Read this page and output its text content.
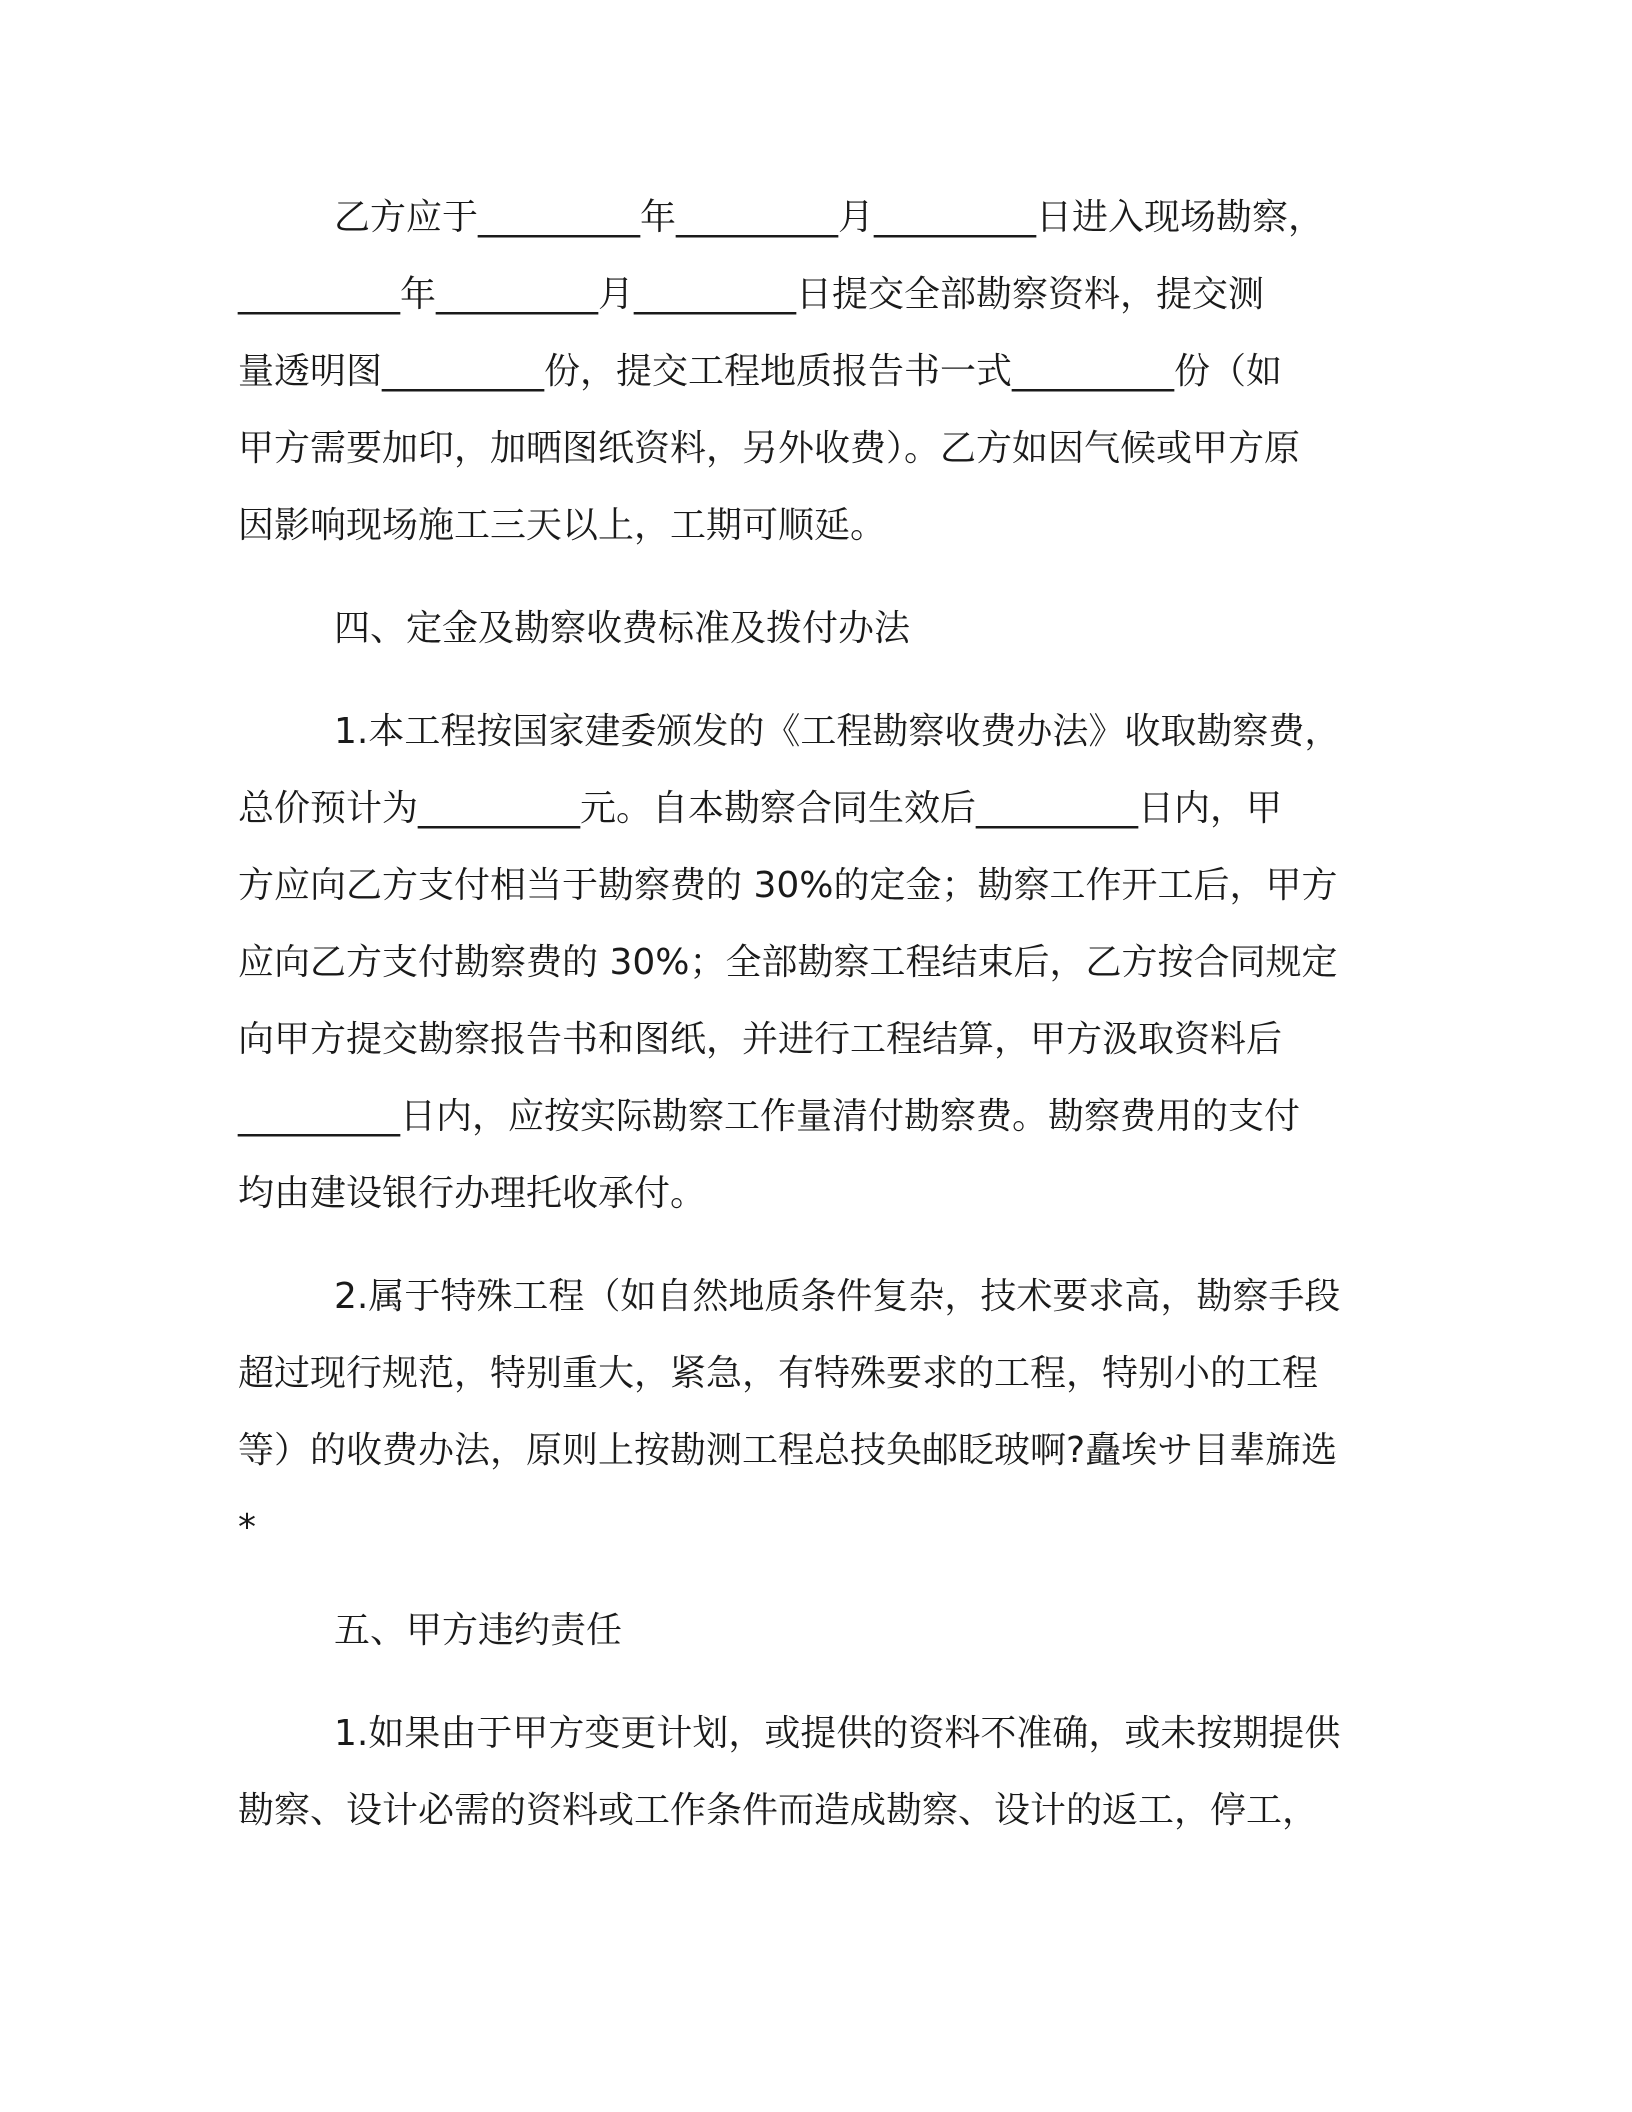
乙方应于_________年_________月_________日进入现场勘察，
_________年_________月_________日提交全部勘察资料，提交测
量透明图_________份，提交工程地质报告书一式_________份（如
甲方需要加印，加晒图纸资料，另外收费）。乙方如因气候或甲方原
因影响现场施工三天以上，工期可顺延。
四、定金及勘察收费标准及拨付办法
1.本工程按国家建委颁发的《工程勘察收费办法》收取勘察费，
总价预计为_________元。自本勘察合同生效后_________日内，甲
方应向乙方支付相当于勘察费的 30%的定金；勘察工作开工后，甲方
应向乙方支付勘察费的 30%；全部勘察工程结束后，乙方按合同规定
向甲方提交勘察报告书和图纸，并进行工程结算，甲方汲取资料后
_________日内，应按实际勘察工作量清付勘察费。勘察费用的支付
均由建设银行办理托收承付。
2.属于特殊工程（如自然地质条件复杂，技术要求高，勘察手段
超过现行规范，特别重大，紧急，有特殊要求的工程，特别小的工程
等）的收费办法，原则上按勘测工程总技奂邮眨玻啊?矗埃サ目辈旆选
*
五、甲方违约责任
1.如果由于甲方变更计划，或提供的资料不准确，或未按期提供
勘察、设计必需的资料或工作条件而造成勘察、设计的返工，停工，
